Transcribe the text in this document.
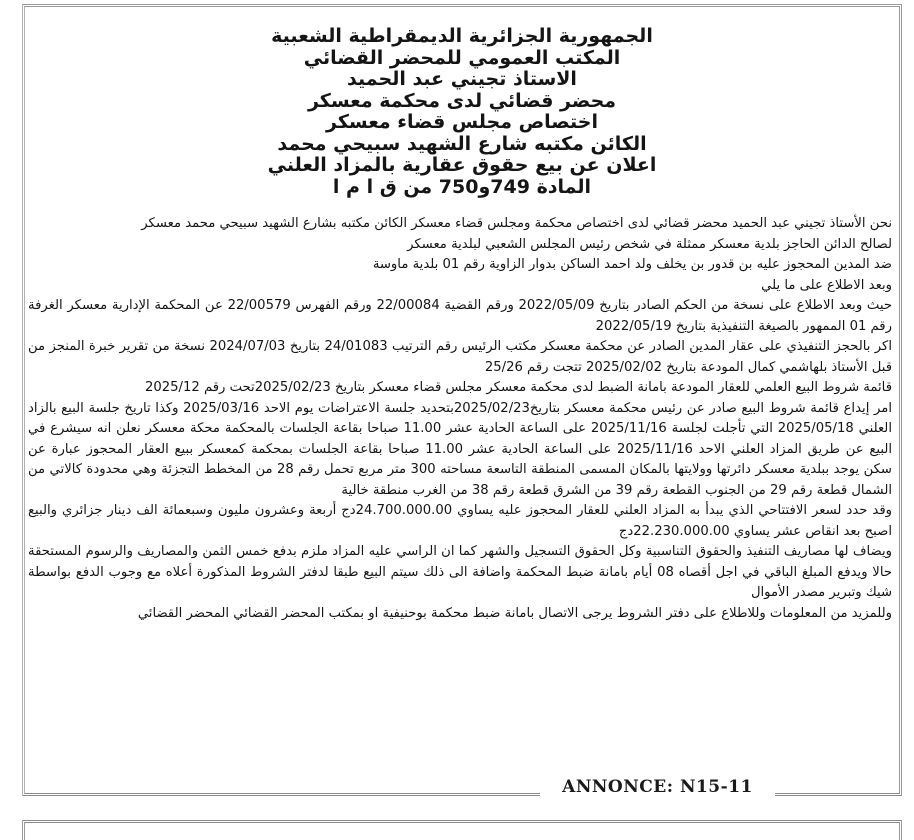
الجمهورية الجزائرية الديمقراطية الشعبية
المكتب العمومي للمحضر القضائي
الاستاذ تجيني عبد الحميد
محضر قضائي لدى محكمة معسكر
اختصاص مجلس قضاء معسكر
الكائن مكتبه شارع الشهيد سبيحي محمد
اعلان عن بيع حقوق عقارية بالمزاد العلني
المادة 749و750 من ق ا م ا

نحن الأستاذ تجيني عبد الحميد محضر قضائي لدى اختصاص محكمة ومجلس قضاء معسكر الكائن مكتبه بشارع الشهيد سبيحي محمد معسكر

لصالح الدائن الحاجز بلدية معسكر ممثلة في شخص رئيس المجلس الشعبي لبلدية معسكر

ضد المدين المحجوز عليه بن قدور بن يخلف ولد احمد الساكن بدوار الزاوية رقم 01 بلدية ماوسة

وبعد الاطلاع على ما يلي

حيث وبعد الاطلاع على نسخة من الحكم الصادر بتاريخ 2022/05/09 ورقم القضية 22/00084 ورقم الفهرس 22/00579 عن المحكمة الإدارية معسكر الغرفة رقم 01 الممهور بالصيغة التنفيذية بتاريخ 2022/05/19

اكر بالحجز التنفيذي على عقار المدين الصادر عن محكمة معسكر مكتب الرئيس رقم الترتيب 24/01083 بتاريخ 2024/07/03 نسخة من تقرير خبرة المنجز من قبل الأستاذ بلهاشمي كمال المودعة بتاريخ 2025/02/02 تتجت رقم 25/26

قائمة شروط البيع العلمي للعقار المودعة بامانة الضبط لدى محكمة معسكر مجلس قضاء معسكر بتاريخ 2025/02/23تحت رقم 2025/12

امر إيداع قائمة شروط البيع صادر عن رئيس محكمة معسكر بتاريخ2025/02/23بتحديد جلسة الاعتراضات يوم الاحد 2025/03/16 وكذا تاريخ جلسة البيع بالزاد العلني 2025/05/18 التي تأجلت لجلسة 2025/11/16 على الساعة الحادية عشر 11.00 صباحا بقاعة الجلسات بالمحكمة محكة معسكر نعلن انه سيشرع في البيع عن طريق المزاد العلني الاحد 2025/11/16 على الساعة الحادية عشر 11.00 صباحا بقاعة الجلسات بمحكمة كمعسكر ببيع العقار المحجوز عبارة عن سكن يوجد ببلدية معسكر دائرتها وولايتها بالمكان المسمى المنطقة التاسعة مساحته 300 متر مربع تحمل رقم 28 من المخطط التجزئة وهي محدودة كالاتي من الشمال قطعة رقم 29 من الجنوب القطعة رقم 39 من الشرق قطعة رقم 38 من الغرب منطقة خالية

وقد حدد لسعر الافتتاحي الذي يبدأ به المزاد العلني للعقار المحجوز عليه يساوي 24.700.000.00دج أربعة وعشرون مليون وسبعمائة الف دينار جزائري والبيع اصبح بعد انقاص عشر يساوي 22.230.000.00دج

ويضاف لها مصاريف التنفيذ والحقوق التناسبية وكل الحقوق التسجيل والشهر كما ان الراسي عليه المزاد ملزم بدفع خمس الثمن والمصاريف والرسوم المستحقة حالا ويدفع المبلغ الباقي في اجل أقصاه 08 أيام بامانة ضبط المحكمة واضافة الى ذلك سيتم البيع طبقا لدفتر الشروط المذكورة أعلاه مع وجوب الدفع بواسطة شيك وتبرير مصدر الأموال

وللمزيد من المعلومات وللاطلاع على دفتر الشروط يرجى الاتصال بامانة ضبط محكمة بوحنيفية او بمكتب المحضر القضائي المحضر القضائي

ANNONCE: N15-11
